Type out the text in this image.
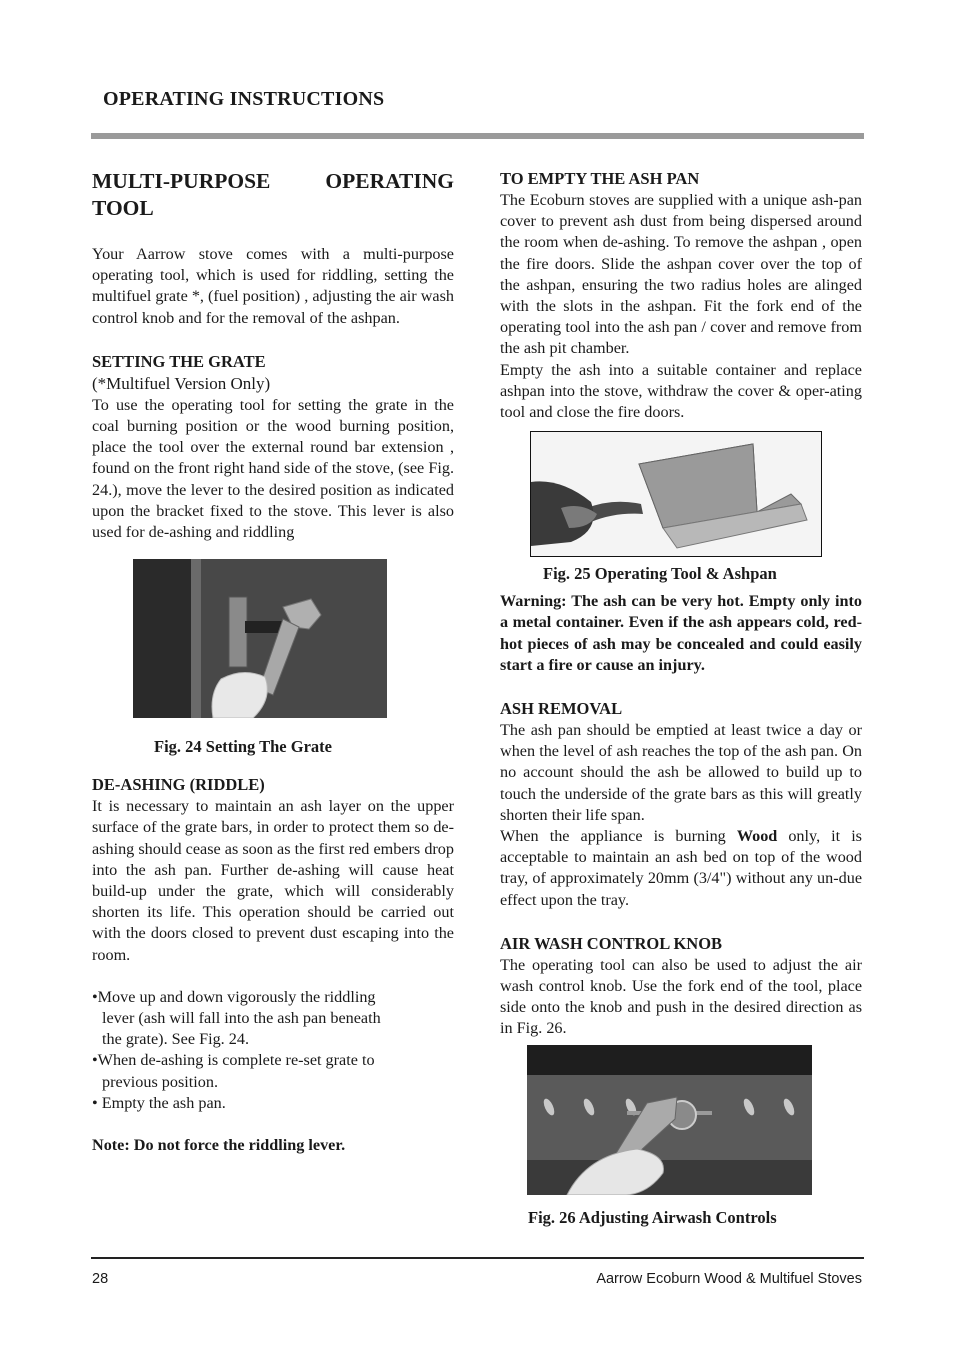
OPERATING INSTRUCTIONS

MULTI-PURPOSE OPERATING
TOOL

Your Aarrow stove comes with a multi-purpose operating tool, which is used for riddling, setting the multifuel grate *, (fuel position) , adjusting the air wash control knob and for the removal of the ashpan.

SETTING THE GRATE

(*Multifuel Version Only)

To use the operating tool for setting the grate in the coal burning position or the wood burning position, place the tool over the external round bar extension , found on the front right hand side of the stove, (see Fig. 24.), move the lever to the desired position as indicated upon the bracket fixed to the stove. This lever is also used for de-ashing and riddling

Fig. 24 Setting The Grate

DE-ASHING (RIDDLE)

It is necessary to maintain an ash layer on the upper surface of the grate bars, in order to protect them so de-ashing should cease as soon as the first red embers drop into the ash pan. Further de-ashing will cause heat build-up under the grate, which will considerably shorten its life. This operation should be carried out with the doors closed to prevent dust escaping into the room.

•Move up and down vigorously the riddling
lever (ash will fall into the ash pan beneath
the grate). See Fig. 24.

•When de-ashing is complete re-set grate to
previous position.

• Empty the ash pan.

Note: Do not force the riddling lever.

TO EMPTY THE ASH PAN

The Ecoburn stoves are supplied with a unique ash-pan cover to prevent ash dust from being dispersed around the room when de-ashing. To remove the ashpan , open the fire doors. Slide the ashpan cover over the top of the ashpan, ensuring the two radius holes are alinged with the slots in the ashpan. Fit the fork end of the operating tool into the ash pan / cover and remove from the ash pit chamber.

Empty the ash into a suitable container and replace ashpan into the stove, withdraw the cover & oper-ating tool and close the fire doors.

Fig. 25 Operating Tool & Ashpan

Warning: The ash can be very hot. Empty only into a metal container. Even if the ash appears cold, red-hot pieces of ash may be concealed and could easily start a fire or cause an injury.

ASH REMOVAL

The ash pan should be emptied at least twice a day or when the level of ash reaches the top of the ash pan. On no account should the ash be allowed to build up to touch the underside of the grate bars as this will greatly shorten their life span.

When the appliance is burning Wood only, it is acceptable to maintain an ash bed on top of the wood tray, of approximately 20mm (3/4") without any un-due effect upon the tray.

AIR WASH CONTROL KNOB

The operating tool can also be used to adjust the air wash control knob. Use the fork end of the tool, place side onto the knob and push in the desired direction as in Fig. 26.

Fig. 26 Adjusting Airwash Controls

28	Aarrow Ecoburn Wood & Multifuel Stoves
